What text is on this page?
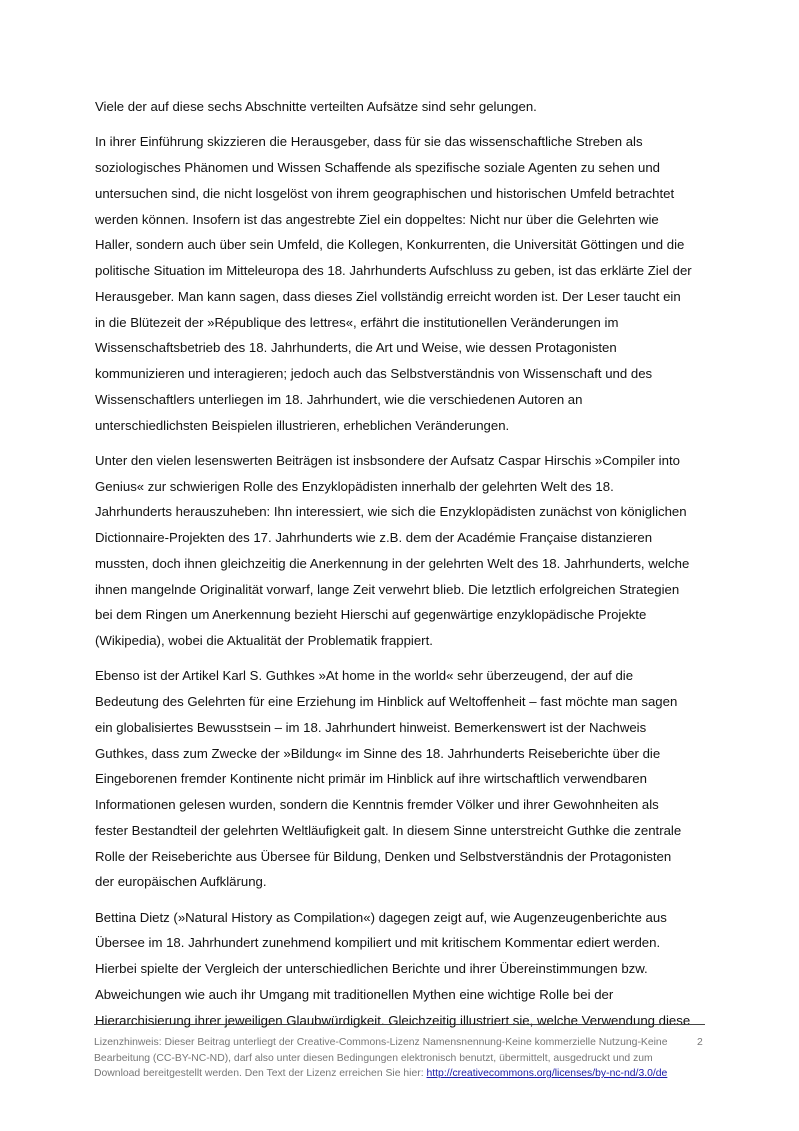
Viele der auf diese sechs Abschnitte verteilten Aufsätze sind sehr gelungen.

In ihrer Einführung skizzieren die Herausgeber, dass für sie das wissenschaftliche Streben als
soziologisches Phänomen und Wissen Schaffende als spezifische soziale Agenten zu sehen und
untersuchen sind, die nicht losgelöst von ihrem geographischen und historischen Umfeld betrachtet
werden können. Insofern ist das angestrebte Ziel ein doppeltes: Nicht nur über die Gelehrten wie
Haller, sondern auch über sein Umfeld, die Kollegen, Konkurrenten, die Universität Göttingen und die
politische Situation im Mitteleuropa des 18. Jahrhunderts Aufschluss zu geben, ist das erklärte Ziel der
Herausgeber. Man kann sagen, dass dieses Ziel vollständig erreicht worden ist. Der Leser taucht ein
in die Blütezeit der »République des lettres«, erfährt die institutionellen Veränderungen im
Wissenschaftsbetrieb des 18. Jahrhunderts, die Art und Weise, wie dessen Protagonisten
kommunizieren und interagieren; jedoch auch das Selbstverständnis von Wissenschaft und des
Wissenschaftlers unterliegen im 18. Jahrhundert, wie die verschiedenen Autoren an
unterschiedlichsten Beispielen illustrieren, erheblichen Veränderungen.

Unter den vielen lesenswerten Beiträgen ist insbsondere der Aufsatz Caspar Hirschis »Compiler into
Genius« zur schwierigen Rolle des Enzyklopädisten innerhalb der gelehrten Welt des 18.
Jahrhunderts herauszuheben: Ihn interessiert, wie sich die Enzyklopädisten zunächst von königlichen
Dictionnaire-Projekten des 17. Jahrhunderts wie z.B. dem der Académie Française distanzieren
mussten, doch ihnen gleichzeitig die Anerkennung in der gelehrten Welt des 18. Jahrhunderts, welche
ihnen mangelnde Originalität vorwarf, lange Zeit verwehrt blieb. Die letztlich erfolgreichen Strategien
bei dem Ringen um Anerkennung bezieht Hierschi auf gegenwärtige enzyklopädische Projekte
(Wikipedia), wobei die Aktualität der Problematik frappiert.

Ebenso ist der Artikel Karl S. Guthkes »At home in the world« sehr überzeugend, der auf die
Bedeutung des Gelehrten für eine Erziehung im Hinblick auf Weltoffenheit – fast möchte man sagen
ein globalisiertes Bewusstsein – im 18. Jahrhundert hinweist. Bemerkenswert ist der Nachweis
Guthkes, dass zum Zwecke der »Bildung« im Sinne des 18. Jahrhunderts Reiseberichte über die
Eingeborenen fremder Kontinente nicht primär im Hinblick auf ihre wirtschaftlich verwendbaren
Informationen gelesen wurden, sondern die Kenntnis fremder Völker und ihrer Gewohnheiten als
fester Bestandteil der gelehrten Weltläufigkeit galt. In diesem Sinne unterstreicht Guthke die zentrale
Rolle der Reiseberichte aus Übersee für Bildung, Denken und Selbstverständnis der Protagonisten
der europäischen Aufklärung.

Bettina Dietz (»Natural History as Compilation«) dagegen zeigt auf, wie Augenzeugenberichte aus
Übersee im 18. Jahrhundert zunehmend kompiliert und mit kritischem Kommentar ediert werden.
Hierbei spielte der Vergleich der unterschiedlichen Berichte und ihrer Übereinstimmungen bzw.
Abweichungen wie auch ihr Umgang mit traditionellen Mythen eine wichtige Rolle bei der
Hierarchisierung ihrer jeweiligen Glaubwürdigkeit. Gleichzeitig illustriert sie, welche Verwendung diese

Lizenzhinweis: Dieser Beitrag unterliegt der Creative-Commons-Lizenz Namensnennung-Keine kommerzielle Nutzung-Keine
Bearbeitung (CC-BY-NC-ND), darf also unter diesen Bedingungen elektronisch benutzt, übermittelt, ausgedruckt und zum
Download bereitgestellt werden. Den Text der Lizenz erreichen Sie hier: http://creativecommons.org/licenses/by-nc-nd/3.0/de
2
